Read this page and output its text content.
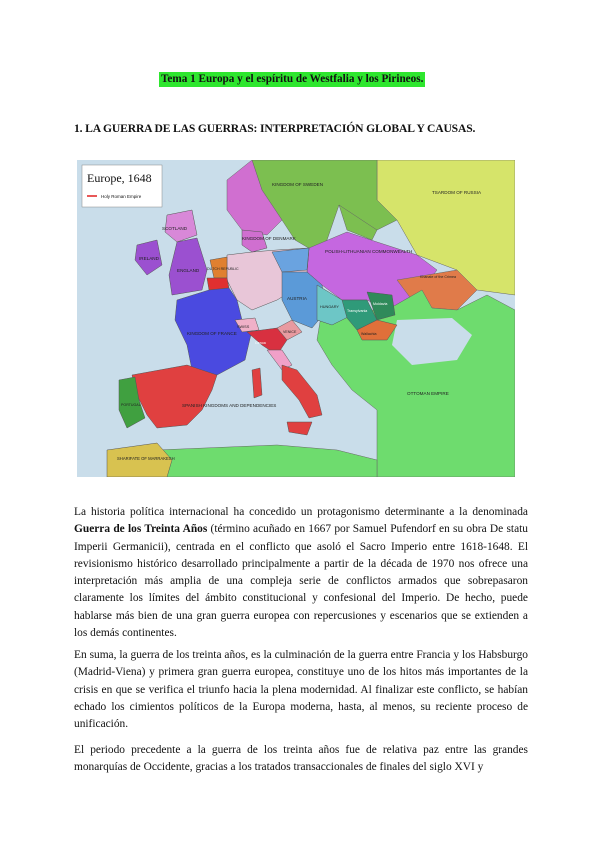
Tema 1 Europa y el espíritu de Westfalia y los Pirineos.
1. LA GUERRA DE LAS GUERRAS: INTERPRETACIÓN GLOBAL Y CAUSAS.
Europe, 1648
Holy Roman Empire
KINGDOM OF SWEDEN
TSARDOM OF RUSSIA
SCOTLAND
IRELAND
ENGLAND
KINGDOM OF DENMARK
DUTCH REPUBLIC
POLISH-LITHUANIAN COMMONWEALTH
KINGDOM OF FRANCE
AUSTRIA
SWISS
HUNGARY
Transylvania
Moldavia
Wallachia
Khanate of the Crimea
PORTUGAL	SPANISH KINGDOMS AND DEPENDENCIES
OTTOMAN EMPIRE
SHARIFATE OF MARRAKESH
VENICE
Genoa

La historia política internacional ha concedido un protagonismo determinante a la denominada Guerra de los Treinta Años (término acuñado en 1667 por Samuel Pufendorf en su obra De statu Imperii Germanicii), centrada en el conflicto que asoló el Sacro Imperio entre 1618-1648. El revisionismo histórico desarrollado principalmente a partir de la década de 1970 nos ofrece una interpretación más amplia de una compleja serie de conflictos armados que sobrepasaron claramente los límites del ámbito constitucional y confesional del Imperio. De hecho, puede hablarse más bien de una gran guerra europea con repercusiones y escenarios que se extienden a los demás continentes.

En suma, la guerra de los treinta años, es la culminación de la guerra entre Francia y los Habsburgo (Madrid-Viena) y primera gran guerra europea, constituye uno de los hitos más importantes de la crisis en que se verifica el triunfo hacia la plena modernidad. Al finalizar este conflicto, se habían echado los cimientos políticos de la Europa moderna, hasta, al menos, su reciente proceso de unificación.

El periodo precedente a la guerra de los treinta años fue de relativa paz entre las grandes monarquías de Occidente, gracias a los tratados transaccionales de finales del siglo XVI y
